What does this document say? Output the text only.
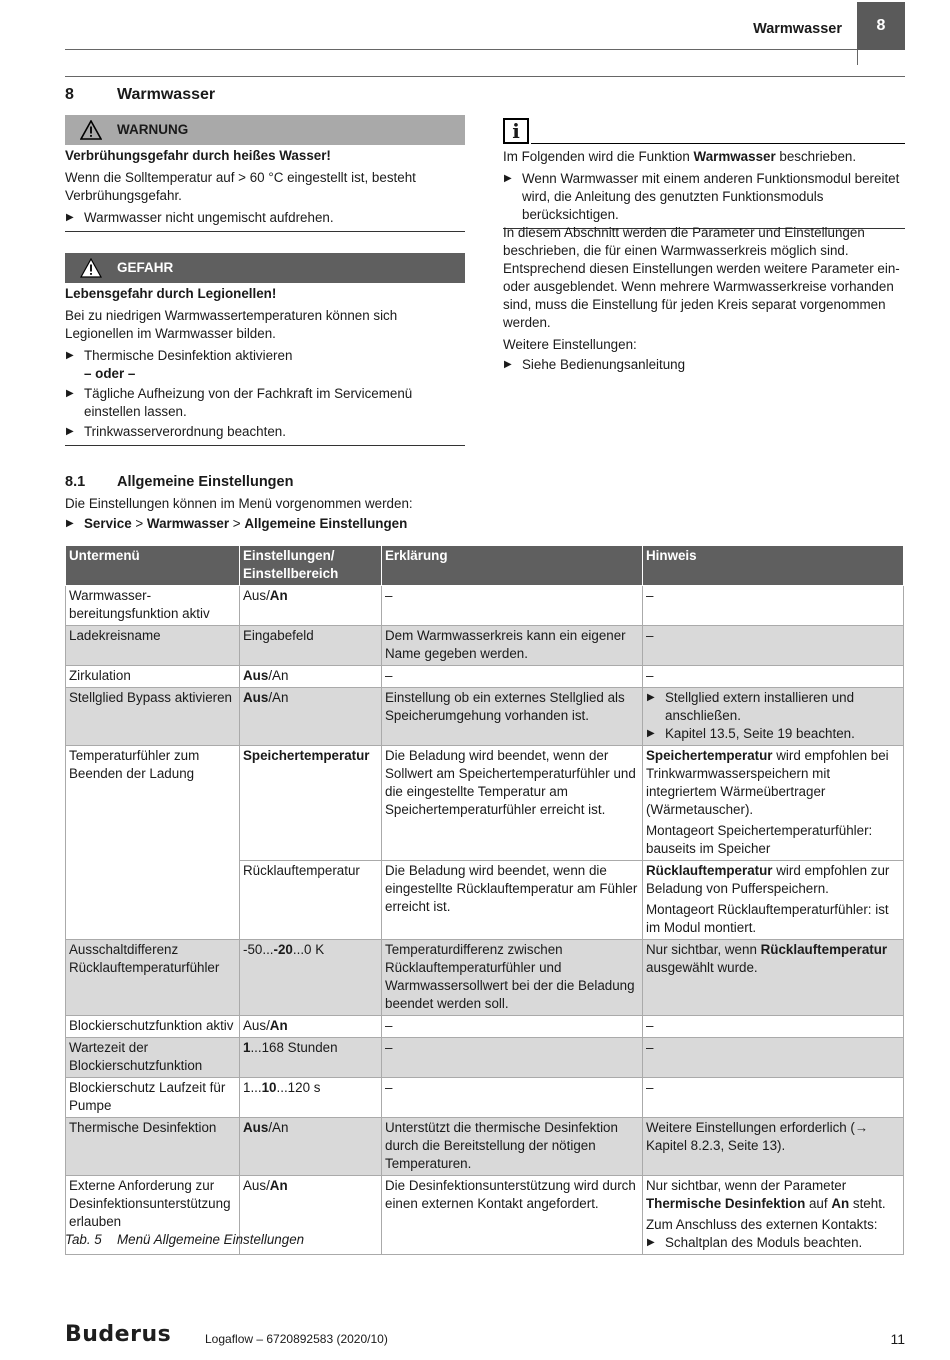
Warmwasser	8
8	Warmwasser
WARNUNG
Verbrühungsgefahr durch heißes Wasser!
Wenn die Solltemperatur auf > 60 °C eingestellt ist, besteht Verbrühungsgefahr.
▶ Warmwasser nicht ungemischt aufdrehen.
GEFAHR
Lebensgefahr durch Legionellen!
Bei zu niedrigen Warmwassertemperaturen können sich Legionellen im Warmwasser bilden.
▶ Thermische Desinfektion aktivieren
– oder –
▶ Tägliche Aufheizung von der Fachkraft im Servicemenü einstellen lassen.
▶ Trinkwasserverordnung beachten.
i
Im Folgenden wird die Funktion Warmwasser beschrieben.
▶ Wenn Warmwasser mit einem anderen Funktionsmodul bereitet wird, die Anleitung des genutzten Funktionsmoduls berücksichtigen.
In diesem Abschnitt werden die Parameter und Einstellungen beschrieben, die für einen Warmwasserkreis möglich sind. Entsprechend diesen Einstellungen werden weitere Parameter ein- oder ausgeblendet. Wenn mehrere Warmwasserkreise vorhanden sind, muss die Einstellung für jeden Kreis separat vorgenommen werden.
Weitere Einstellungen:
▶ Siehe Bedienungsanleitung
8.1 Allgemeine Einstellungen
Die Einstellungen können im Menü vorgenommen werden:
▶ Service > Warmwasser > Allgemeine Einstellungen
Untermenü	Einstellungen/ Einstellbereich	Erklärung	Hinweis
Warmwasser-bereitungsfunktion aktiv	Aus/An	–	–
Ladekreisname	Eingabefeld	Dem Warmwasserkreis kann ein eigener Name gegeben werden.	–
Zirkulation	Aus/An	–	–
Stellglied Bypass aktivieren	Aus/An	Einstellung ob ein externes Stellglied als Speicherumgehung vorhanden ist.	▶ Stellglied extern installieren und anschließen.

▶ Kapitel 13.5, Seite 19 beachten.

Temperaturfühler zum Beenden der Ladung	Speichertemperatur	Die Beladung wird beendet, wenn der Sollwert am Speichertemperaturfühler und die eingestellte Temperatur am Speichertemperaturfühler erreicht ist.	Speichertemperatur wird empfohlen bei Trinkwarmwasserspeichern mit integriertem Wärmeübertrager (Wärmetauscher).

Montageort Speichertemperaturfühler: bauseits im Speicher

	Rücklauftemperatur	Die Beladung wird beendet, wenn die eingestellte Rücklauftemperatur am Fühler erreicht ist.	Rücklauftemperatur wird empfohlen zur Beladung von Pufferspeichern.

Montageort Rücklauftemperaturfühler: ist im Modul montiert.

Ausschaltdifferenz Rücklauftemperaturfühler	-50...-20...0 K	Temperaturdifferenz zwischen Rücklauftemperaturfühler und Warmwassersollwert bei der die Beladung beendet werden soll.	Nur sichtbar, wenn Rücklauftemperatur ausgewählt wurde.
Blockierschutzfunktion aktiv	Aus/An	–	–
Wartezeit der Blockierschutzfunktion	1...168 Stunden	–	–
Blockierschutz Laufzeit für Pumpe	1...10...120 s	–	–
Thermische Desinfektion	Aus/An	Unterstützt die thermische Desinfektion durch die Bereitstellung der nötigen Temperaturen.	Weitere Einstellungen erforderlich (→ Kapitel 8.2.3, Seite 13).
Externe Anforderung zur Desinfektionsunterstützung erlauben	Aus/An	Die Desinfektionsunterstützung wird durch einen externen Kontakt angefordert.	Nur sichtbar, wenn der Parameter Thermische Desinfektion auf An steht.

Zum Anschluss des externen Kontakts:

▶ Schaltplan des Moduls beachten.

Tab. 5 Menü Allgemeine Einstellungen
Buderus	Logaflow – 6720892583 (2020/10)	11
